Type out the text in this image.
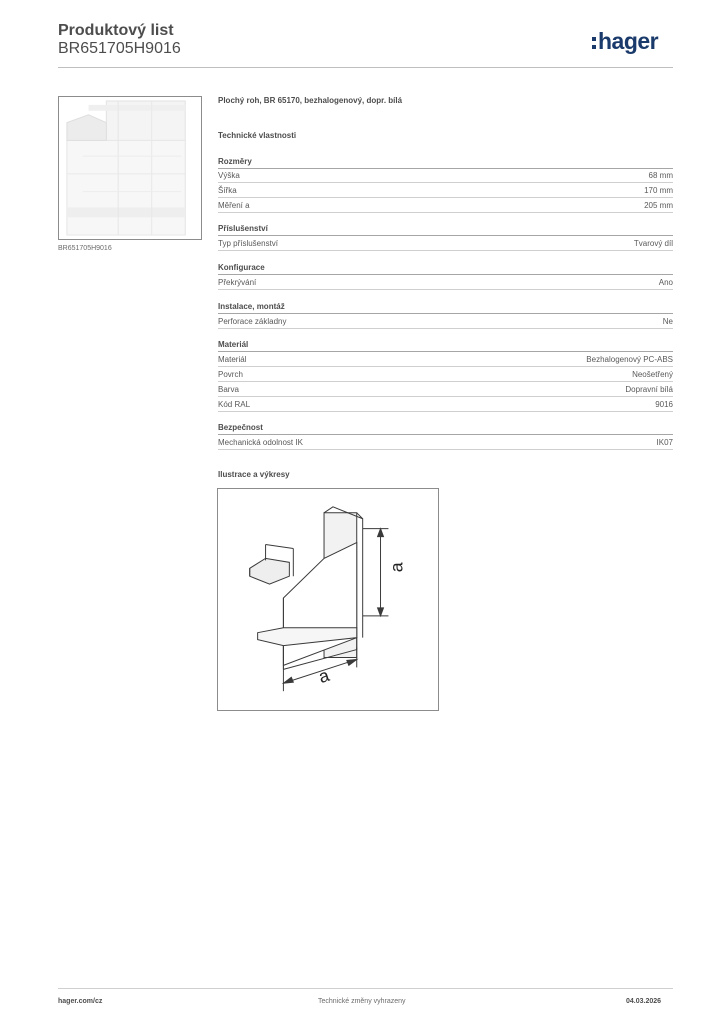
Produktový list
BR651705H9016	hager
BR651705H9016
Plochý roh, BR 65170, bezhalogenový, dopr. bílá
Technické vlastnosti
Rozměry
Výška	68 mm
Šířka	170 mm
Měření a	205 mm
Příslušenství
Typ příslušenství	Tvarový díl
Konfigurace
Překrývání	Ano
Instalace, montáž
Perforace základny	Ne
Materiál
Materiál	Bezhalogenový PC-ABS
Povrch	Neošetřený
Barva	Dopravní bílá
Kód RAL	9016
Bezpečnost
Mechanická odolnost IK	IK07
Ilustrace a výkresy
a
a
hager.com/cz	Technické změny vyhrazeny	04.03.2026
